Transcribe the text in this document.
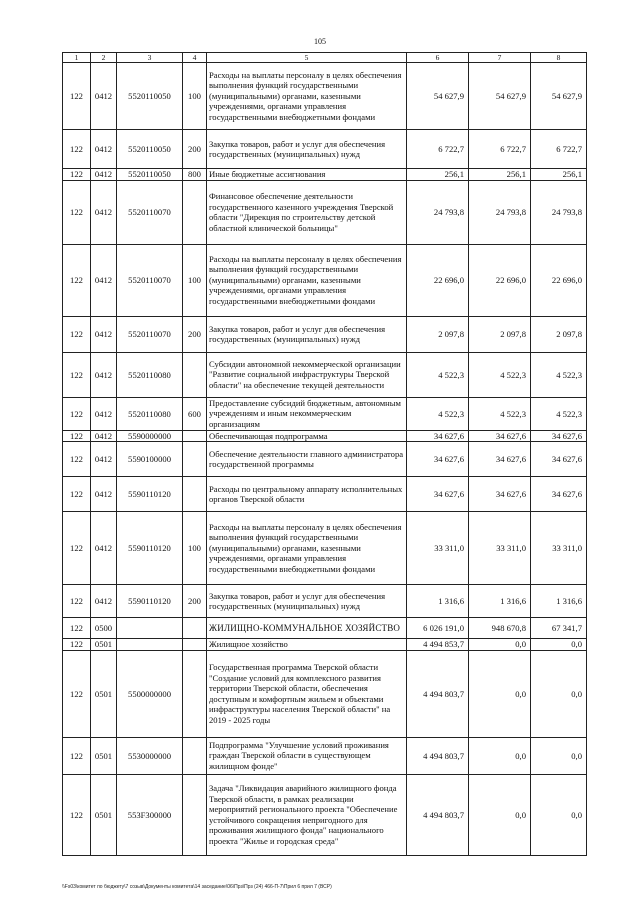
105
1	2	3	4	5	6	7	8
122	0412	5520110050	100	Расходы на выплаты персоналу в целях обеспечения выполнения функций государственными (муниципальными) органами, казенными учреждениями, органами управления государственными внебюджетными фондами	54 627,9	54 627,9	54 627,9
122	0412	5520110050	200	Закупка товаров, работ и услуг для обеспечения государственных (муниципальных) нужд	6 722,7	6 722,7	6 722,7
122	0412	5520110050	800	Иные бюджетные ассигнования	256,1	256,1	256,1
122	0412	5520110070		Финансовое обеспечение деятельности государственного казенного учреждения Тверской области "Дирекция по строительству детской областной клинической больницы"	24 793,8	24 793,8	24 793,8
122	0412	5520110070	100	Расходы на выплаты персоналу в целях обеспечения выполнения функций государственными (муниципальными) органами, казенными учреждениями, органами управления государственными внебюджетными фондами	22 696,0	22 696,0	22 696,0
122	0412	5520110070	200	Закупка товаров, работ и услуг для обеспечения государственных (муниципальных) нужд	2 097,8	2 097,8	2 097,8
122	0412	5520110080		Субсидии автономной некоммерческой организации "Развитие социальной инфраструктуры Тверской области" на обеспечение текущей деятельности	4 522,3	4 522,3	4 522,3
122	0412	5520110080	600	Предоставление субсидий бюджетным, автономным учреждениям и иным некоммерческим организациям	4 522,3	4 522,3	4 522,3
122	0412	5590000000		Обеспечивающая подпрограмма	34 627,6	34 627,6	34 627,6
122	0412	5590100000		Обеспечение деятельности главного администратора государственной программы	34 627,6	34 627,6	34 627,6
122	0412	5590110120		Расходы по центральному аппарату исполнительных органов Тверской области	34 627,6	34 627,6	34 627,6
122	0412	5590110120	100	Расходы на выплаты персоналу в целях обеспечения выполнения функций государственными (муниципальными) органами, казенными учреждениями, органами управления государственными внебюджетными фондами	33 311,0	33 311,0	33 311,0
122	0412	5590110120	200	Закупка товаров, работ и услуг для обеспечения государственных (муниципальных) нужд	1 316,6	1 316,6	1 316,6
122	0500			ЖИЛИЩНО-КОММУНАЛЬНОЕ ХОЗЯЙСТВО	6 026 191,0	948 670,8	67 341,7
122	0501			Жилищное хозяйство	4 494 853,7	0,0	0,0
122	0501	5500000000		Государственная программа Тверской области "Создание условий для комплексного развития территории Тверской области, обеспечения доступным и комфортным жильем и объектами инфраструктуры населения Тверской области" на 2019 - 2025 годы	4 494 803,7	0,0	0,0
122	0501	5530000000		Подпрограмма "Улучшение условий проживания граждан Тверской области в существующем жилищном фонде"	4 494 803,7	0,0	0,0
122	0501	553F300000		Задача "Ликвидация аварийного жилищного фонда Тверской области, в рамках реализации мероприятий регионального проекта "Обеспечение устойчивого сокращения непригодного для проживания жилищного фонда" национального проекта "Жилье и городская среда"	4 494 803,7	0,0	0,0
\\Fs03\комитет по бюджету\7 созыв\Документы комитета\14 заседание\06\Прз\Прз (24) 466-П-7\Прил 6 прил 7 (ВСР)
